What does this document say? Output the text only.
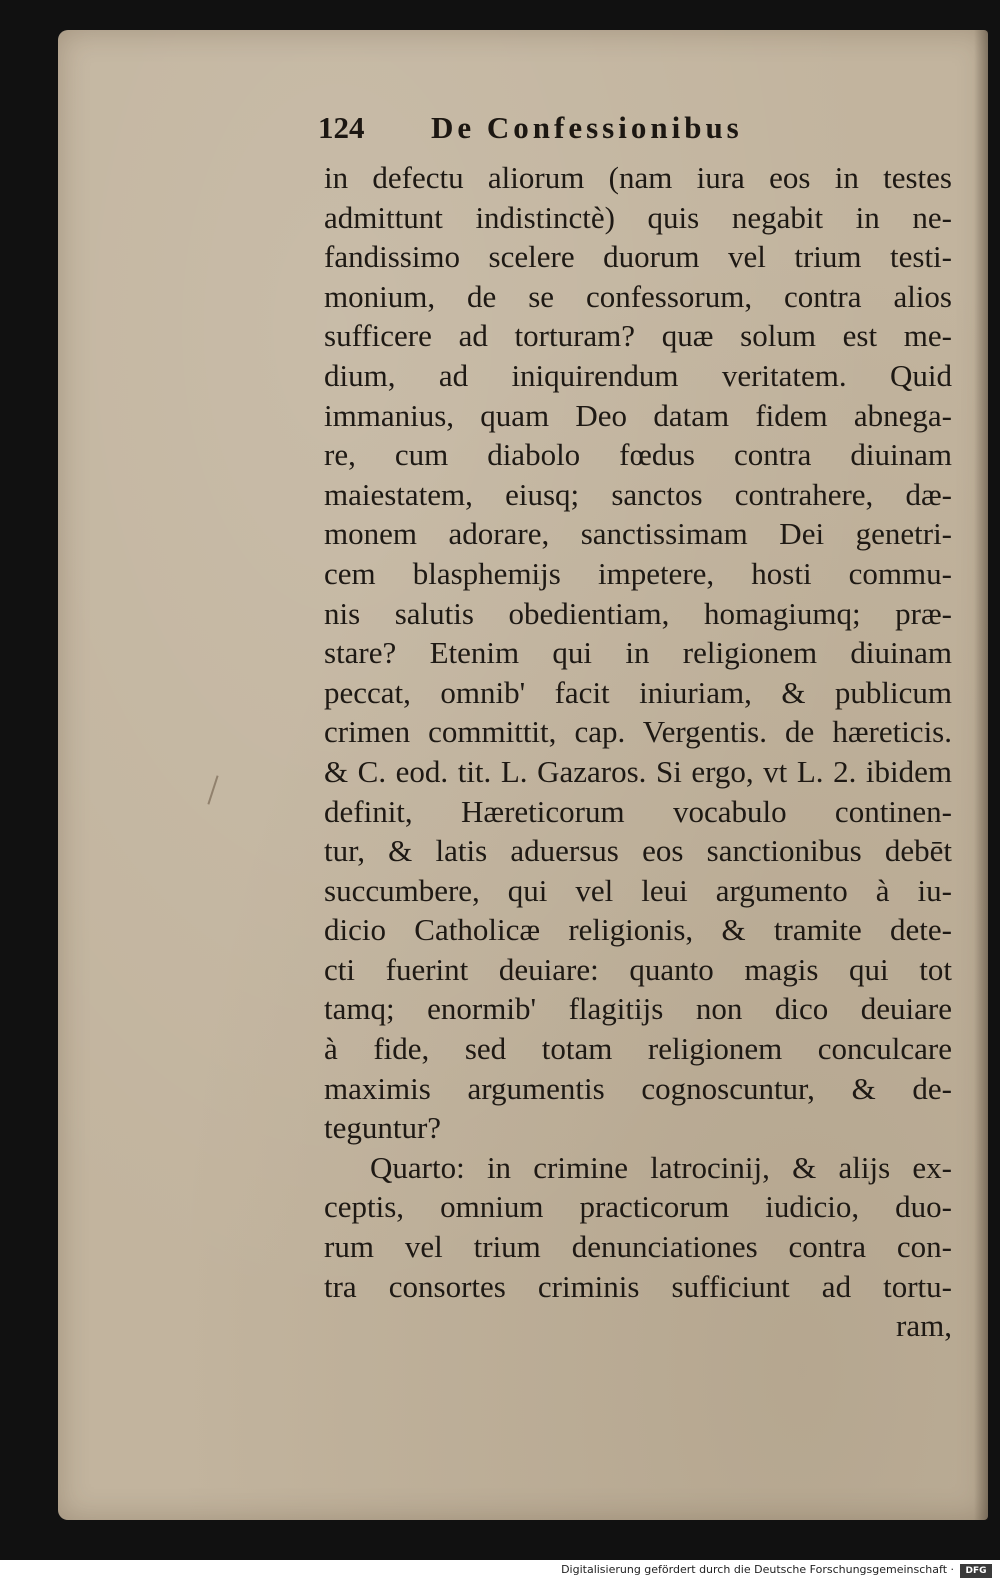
124 De Confessionibus
in defectu aliorum (nam iura eos in testes
admittunt indistinctè) quis negabit in ne-
fandissimo scelere duorum vel trium testi-
monium, de se confessorum, contra alios
sufficere ad torturam? quæ solum est me-
dium, ad iniquirendum veritatem. Quid
immanius, quam Deo datam fidem abnega-
re, cum diabolo fœdus contra diuinam
maiestatem, eiusq; sanctos contrahere, dæ-
monem adorare, sanctissimam Dei genetri-
cem blasphemijs impetere, hosti commu-
nis salutis obedientiam, homagiumq; præ-
stare? Etenim qui in religionem diuinam
peccat, omnib' facit iniuriam, & publicum
crimen committit, cap. Vergentis. de hæreticis.
& C. eod. tit. L. Gazaros. Si ergo, vt L. 2. ibidem
definit, Hæreticorum vocabulo continen-
tur, & latis aduersus eos sanctionibus debēt
succumbere, qui vel leui argumento à iu-
dicio Catholicæ religionis, & tramite dete-
cti fuerint deuiare: quanto magis qui tot
tamq; enormib' flagitijs non dico deuiare
à fide, sed totam religionem conculcare
maximis argumentis cognoscuntur, & de-
teguntur?
Quarto: in crimine latrocinij, & alijs ex-
ceptis, omnium practicorum iudicio, duo-
rum vel trium denunciationes contra con-
tra consortes criminis sufficiunt ad tortu-
ram,
Digitalisierung gefördert durch die Deutsche Forschungsgemeinschaft ·	DFG
